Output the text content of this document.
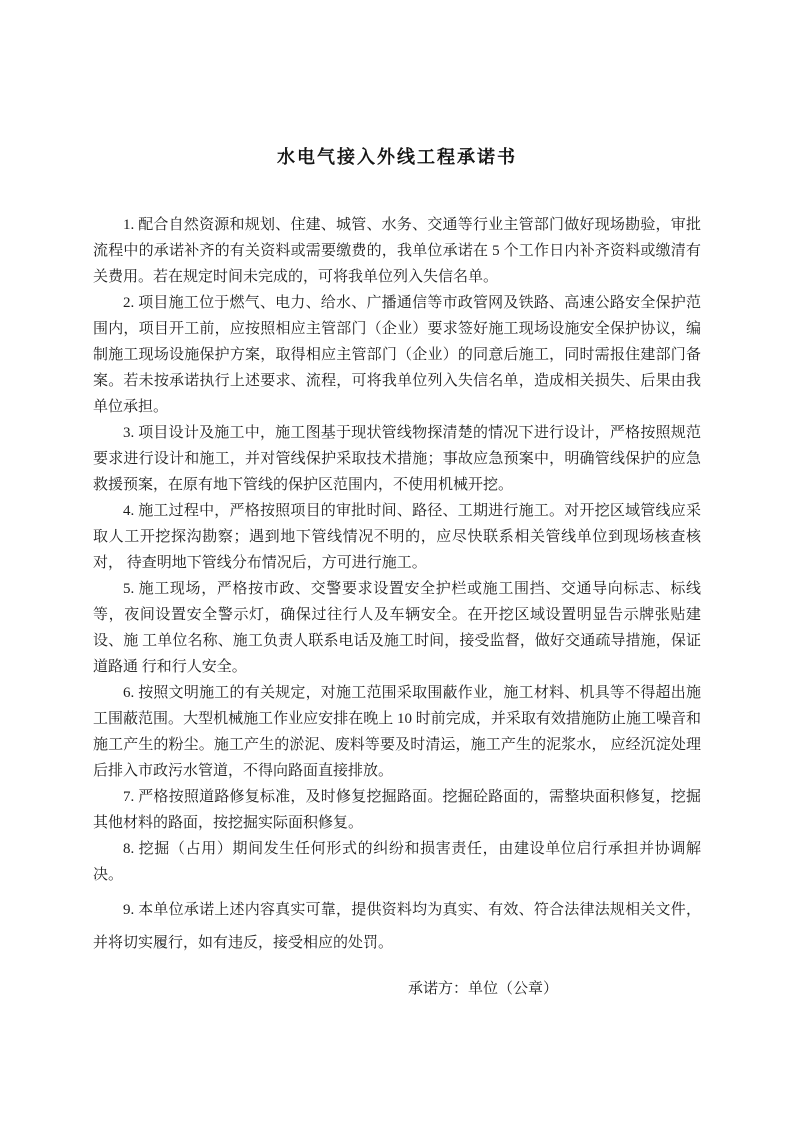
水电气接入外线工程承诺书

1. 配合自然资源和规划、住建、城管、水务、交通等行业主管部门做好现场勘验，审批流程中的承诺补齐的有关资料或需要缴费的，我单位承诺在 5 个工作日内补齐资料或缴清有关费用。若在规定时间未完成的，可将我单位列入失信名单。

2. 项目施工位于燃气、电力、给水、广播通信等市政管网及铁路、高速公路安全保护范 围内，项目开工前，应按照相应主管部门（企业）要求签好施工现场设施安全保护协议，编 制施工现场设施保护方案，取得相应主管部门（企业）的同意后施工，同时需报住建部门备 案。若未按承诺执行上述要求、流程，可将我单位列入失信名单，造成相关损失、后果由我 单位承担。

3. 项目设计及施工中，施工图基于现状管线物探清楚的情况下进行设计，严格按照规范要求进行设计和施工，并对管线保护采取技术措施；事故应急预案中，明确管线保护的应急救援预案，在原有地下管线的保护区范围内，不使用机械开挖。

4. 施工过程中，严格按照项目的审批时间、路径、工期进行施工。对开挖区域管线应采取人工开挖探沟勘察；遇到地下管线情况不明的，应尽快联系相关管线单位到现场核查核对， 待查明地下管线分布情况后，方可进行施工。

5. 施工现场，严格按市政、交警要求设置安全护栏或施工围挡、交通导向标志、标线等，夜间设置安全警示灯，确保过往行人及车辆安全。在开挖区域设置明显告示牌张贴建设、施 工单位名称、施工负责人联系电话及施工时间，接受监督，做好交通疏导措施，保证道路通 行和行人安全。

6. 按照文明施工的有关规定，对施工范围采取围蔽作业，施工材料、机具等不得超出施工围蔽范围。大型机械施工作业应安排在晚上 10 时前完成，并采取有效措施防止施工噪音和 施工产生的粉尘。施工产生的淤泥、废料等要及时清运，施工产生的泥浆水， 应经沉淀处理 后排入市政污水管道，不得向路面直接排放。

7. 严格按照道路修复标准，及时修复挖掘路面。挖掘砼路面的，需整块面积修复，挖掘其他材料的路面，按挖掘实际面积修复。

8. 挖掘（占用）期间发生任何形式的纠纷和损害责任，由建设单位启行承担并协调解决。

9. 本单位承诺上述内容真实可靠，提供资料均为真实、有效、符合法律法规相关文件，并将切实履行，如有违反，接受相应的处罚。

承诺方：单位（公章）
